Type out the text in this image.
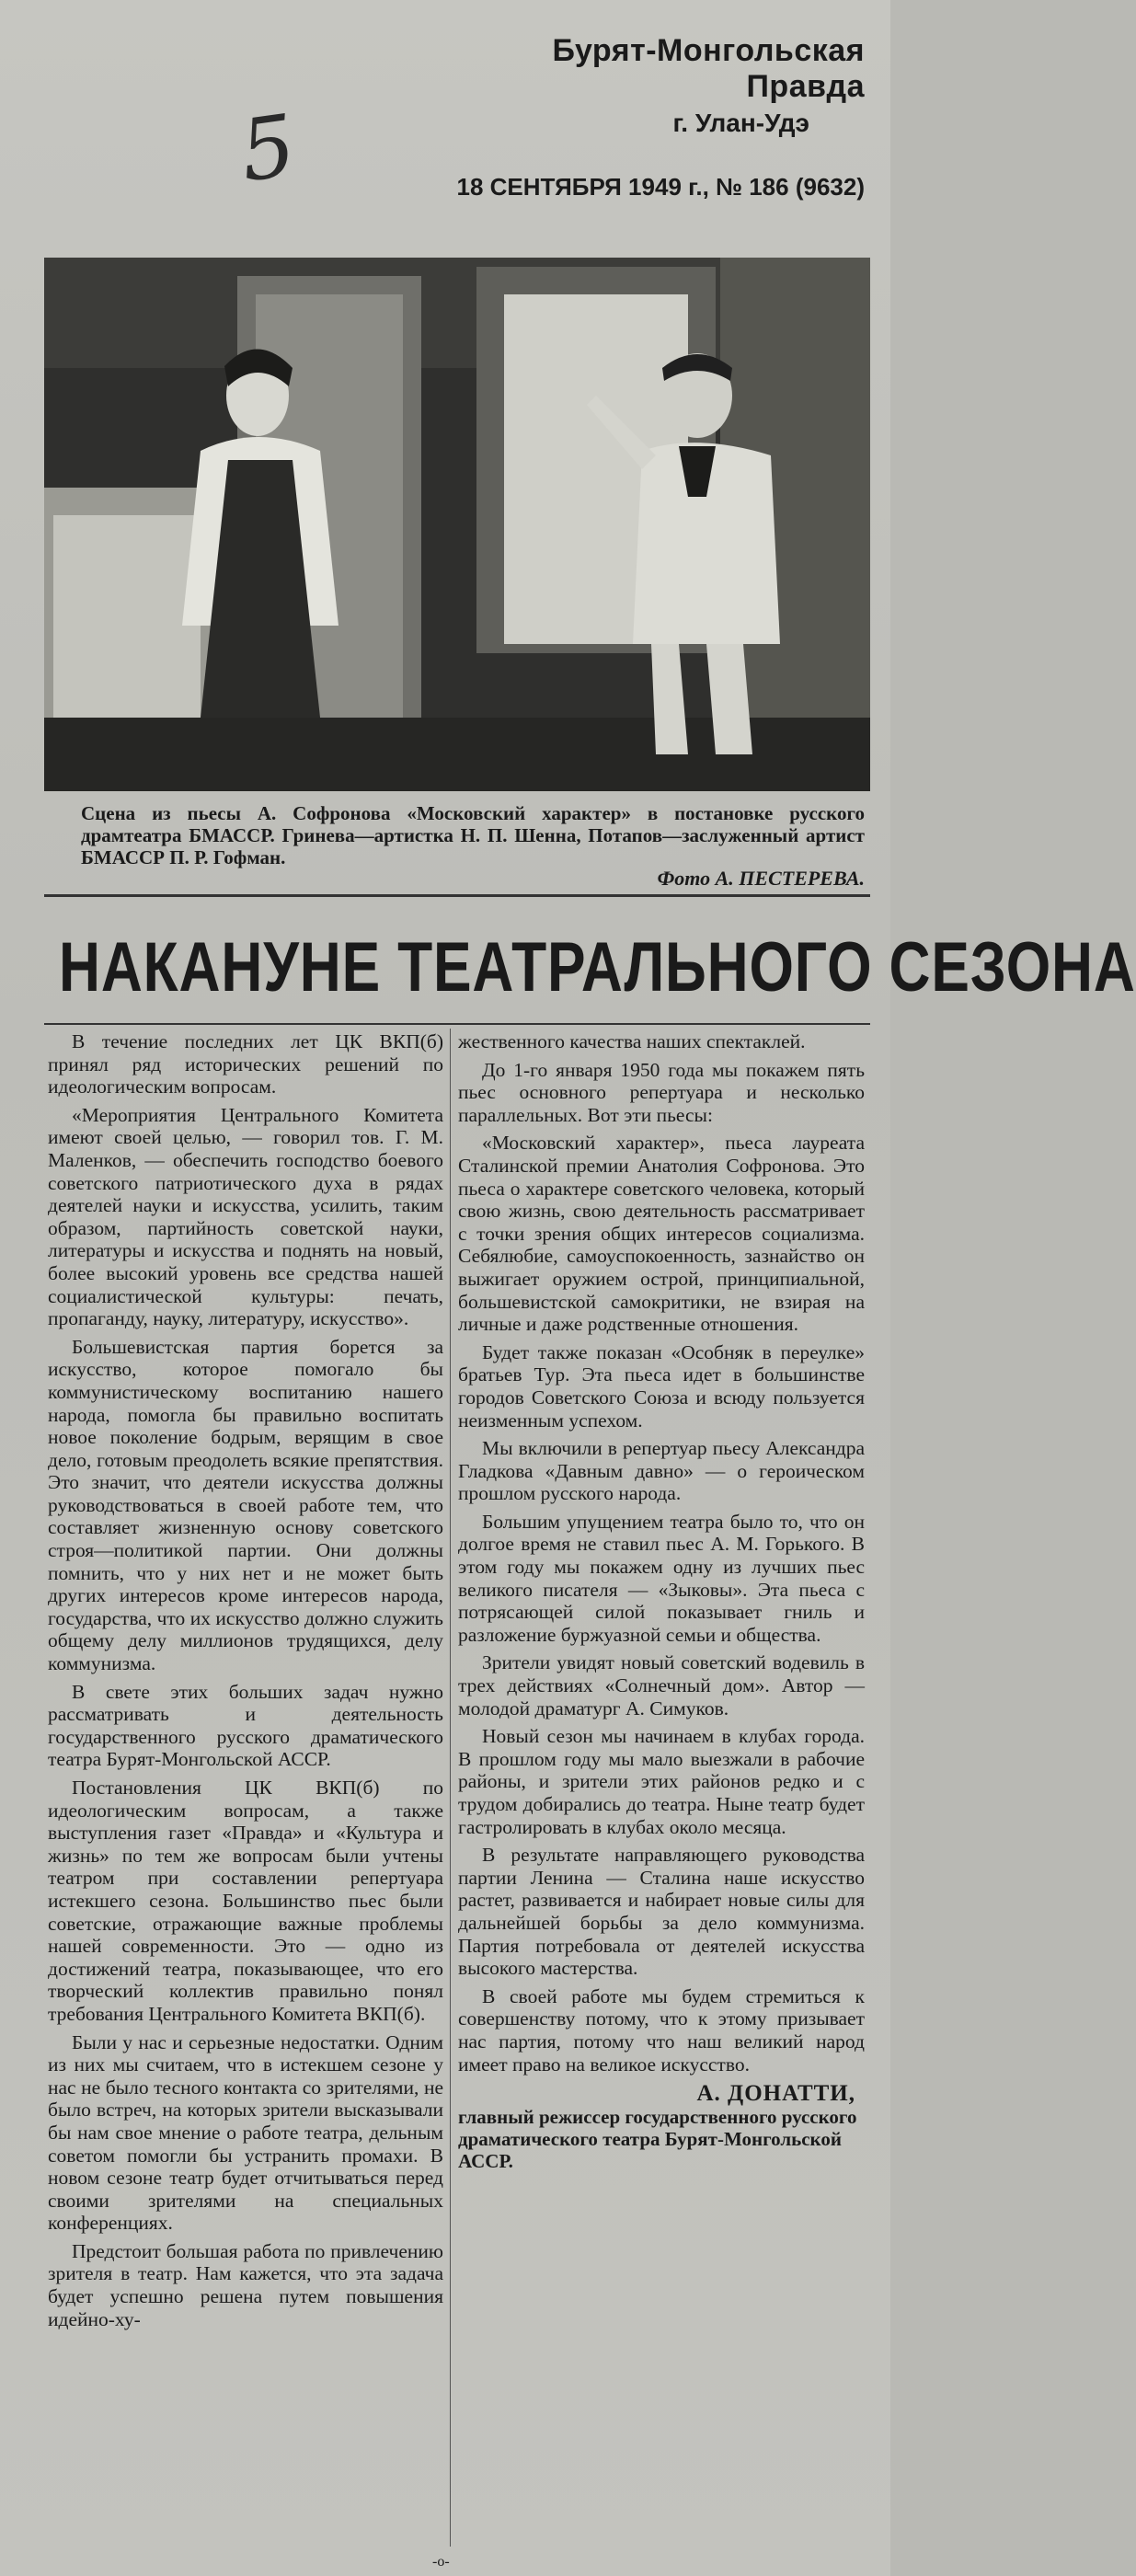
5
Бурят-Монгольская Правда
г. Улан-Удэ
18 СЕНТЯБРЯ 1949 г., № 186 (9632)

Сцена из пьесы А. Софронова «Московский характер» в постановке русского драмтеатра БМАССР. Гринева—артистка Н. П. Шенна, Потапов—заслуженный артист БМАССР П. Р. Гофман.

Фото А. ПЕСТЕРЕВА.
НАКАНУНЕ ТЕАТРАЛЬНОГО СЕЗОНА

В течение последних лет ЦК ВКП(б) принял ряд исторических решений по идеологическим вопросам.

«Мероприятия Центрального Комитета имеют своей целью, — говорил тов. Г. М. Маленков, — обеспечить господство боевого советского патриотического духа в рядах деятелей науки и искусства, усилить, таким образом, партийность советской науки, литературы и искусства и поднять на новый, более высокий уровень все средства нашей социалистической культуры: печать, пропаганду, науку, литературу, искусство».

Большевистская партия борется за искусство, которое помогало бы коммунистическому воспитанию нашего народа, помогла бы правильно воспитать новое поколение бодрым, верящим в свое дело, готовым преодолеть всякие препятствия. Это значит, что деятели искусства должны руководствоваться в своей работе тем, что составляет жизненную основу советского строя—политикой партии. Они должны помнить, что у них нет и не может быть других интересов кроме интересов народа, государства, что их искусство должно служить общему делу миллионов трудящихся, делу коммунизма.

В свете этих больших задач нужно рассматривать и деятельность государственного русского драматического театра Бурят-Монгольской АССР.

Постановления ЦК ВКП(б) по идеологическим вопросам, а также выступления газет «Правда» и «Культура и жизнь» по тем же вопросам были учтены театром при составлении репертуара истекшего сезона. Большинство пьес были советские, отражающие важные проблемы нашей современности. Это — одно из достижений театра, показывающее, что его творческий коллектив правильно понял требования Центрального Комитета ВКП(б).

Были у нас и серьезные недостатки. Одним из них мы считаем, что в истекшем сезоне у нас не было тесного контакта со зрителями, не было встреч, на которых зрители высказывали бы нам свое мнение о работе театра, дельным советом помогли бы устранить промахи. В новом сезоне театр будет отчитываться перед своими зрителями на специальных конференциях.

Предстоит большая работа по привлечению зрителя в театр. Нам кажется, что эта задача будет успешно решена путем повышения идейно-ху-

жественного качества наших спектаклей.

До 1-го января 1950 года мы покажем пять пьес основного репертуара и несколько параллельных. Вот эти пьесы:

«Московский характер», пьеса лауреата Сталинской премии Анатолия Софронова. Это пьеса о характере советского человека, который свою жизнь, свою деятельность рассматривает с точки зрения общих интересов социализма. Себялюбие, самоуспокоенность, зазнайство он выжигает оружием острой, принципиальной, большевистской самокритики, не взирая на личные и даже родственные отношения.

Будет также показан «Особняк в переулке» братьев Тур. Эта пьеса идет в большинстве городов Советского Союза и всюду пользуется неизменным успехом.

Мы включили в репертуар пьесу Александра Гладкова «Давным давно» — о героическом прошлом русского народа.

Большим упущением театра было то, что он долгое время не ставил пьес А. М. Горького. В этом году мы покажем одну из лучших пьес великого писателя — «Зыковы». Эта пьеса с потрясающей силой показывает гниль и разложение буржуазной семьи и общества.

Зрители увидят новый советский водевиль в трех действиях «Солнечный дом». Автор — молодой драматург А. Симуков.

Новый сезон мы начинаем в клубах города. В прошлом году мы мало выезжали в рабочие районы, и зрители этих районов редко и с трудом добирались до театра. Ныне театр будет гастролировать в клубах около месяца.

В результате направляющего руководства партии Ленина — Сталина наше искусство растет, развивается и набирает новые силы для дальнейшей борьбы за дело коммунизма. Партия потребовала от деятелей искусства высокого мастерства.

В своей работе мы будем стремиться к совершенству потому, что к этому призывает нас партия, потому что наш великий народ имеет право на великое искусство.

А. ДОНАТТИ,
главный режиссер государственного русского драматического театра Бурят-Монгольской АССР.
-o-
